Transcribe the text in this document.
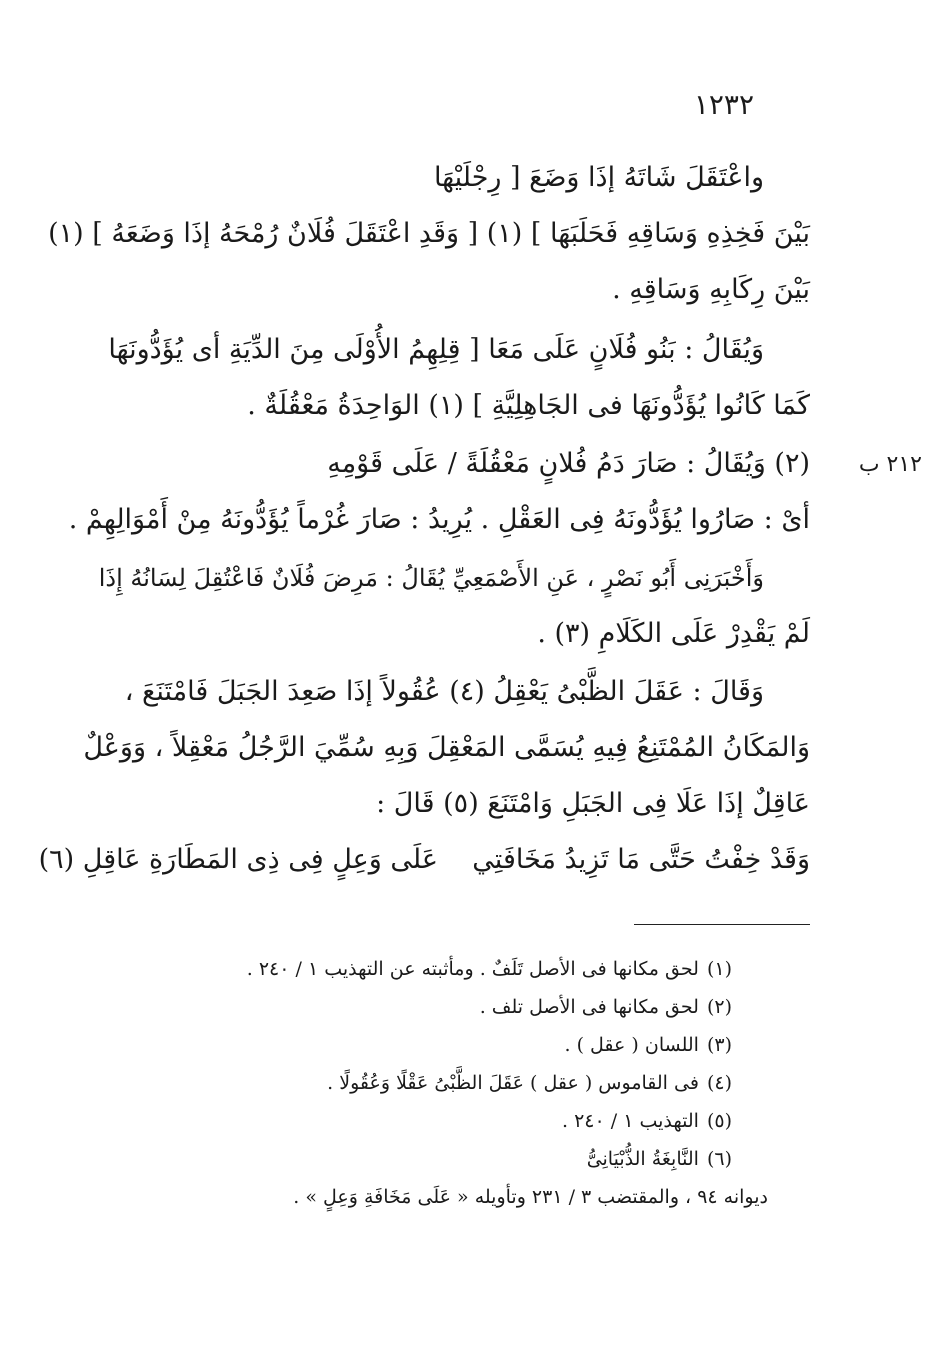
١٢٣٢
٢١٢ ب
واعْتَقَلَ شَاتَهُ إذَا وَضَعَ [ رِجْلَيْهَا
بَيْنَ فَخِذِهِ وَسَاقِهِ فَحَلَبَهَا ] (١) [ وَقَدِ اعْتَقَلَ فُلَانٌ رُمْحَهُ إذَا وَضَعَهُ ] (١)
بَيْنَ رِكَابِهِ وَسَاقِهِ .
وَيُقَالُ : بَنُو فُلَانٍ عَلَى مَعَا [ قِلِهِمُ الأُوْلَى مِنَ الدِّيَةِ أى يُؤَدُّونَهَا
كَمَا كَانُوا يُؤَدُّونَهَا فى الجَاهِلِيَّةِ ] (١) الوَاحِدَةُ مَعْقُلَةٌ .
(٢) وَيُقَالُ : صَارَ دَمُ فُلانٍ مَعْقُلَةً / عَلَى قَوْمِهِ
أىْ : صَارُوا يُؤَدُّونَهُ فِى العَقْلِ . يُرِيدُ : صَارَ غُرْماً يُؤَدُّونَهُ مِنْ أَمْوَالِهِمْ .
وَأَخْبَرَنِى أَبُو نَصْرٍ ، عَنِ الأَصْمَعِيِّ يُقَالُ : مَرِضَ فُلَانٌ فَاعْتُقِلَ لِسَانُهُ إِذَا
لَمْ يَقْدِرْ عَلَى الكَلَامِ (٣) .
وَقَالَ : عَقَلَ الظَّبْىُ يَعْقِلُ (٤) عُقُولاً إذَا صَعِدَ الجَبَلَ فَامْتَنَعَ ،
وَالمَكَانُ المُمْتَنِعُ فِيهِ يُسَمَّى المَعْقِلَ وَبِهِ سُمِّيَ الرَّجُلُ مَعْقِلاً ، وَوَعْلٌ
عَاقِلٌ إذَا عَلَا فِى الجَبَلِ وَامْتَنَعَ (٥) قَالَ :
وَقَدْ خِفْتُ حَتَّى مَا تَزِيدُ مَخَافَتِي    عَلَى وَعِلٍ فِى ذِى المَطَارَةِ عَاقِلِ (٦)
(١)لحق مكانها فى الأصل تَلَفٌ . ومأثبته عن التهذيب ١ / ٢٤٠ .
(٢)لحق مكانها فى الأصل تلف .
(٣)اللسان ( عقل ) .
(٤)فى القاموس ( عقل ) عَقَلَ الظَّبْىُ عَقْلًا وَعُقُولًا .
(٥)التهذيب ١ / ٢٤٠ .
(٦)النَّابِغَةُ الذُّبْيَانِىُّ
ديوانه ٩٤ ، والمقتضب ٣ / ٢٣١ وتأويله « عَلَى مَخَافَةِ وَعِلٍ » .
